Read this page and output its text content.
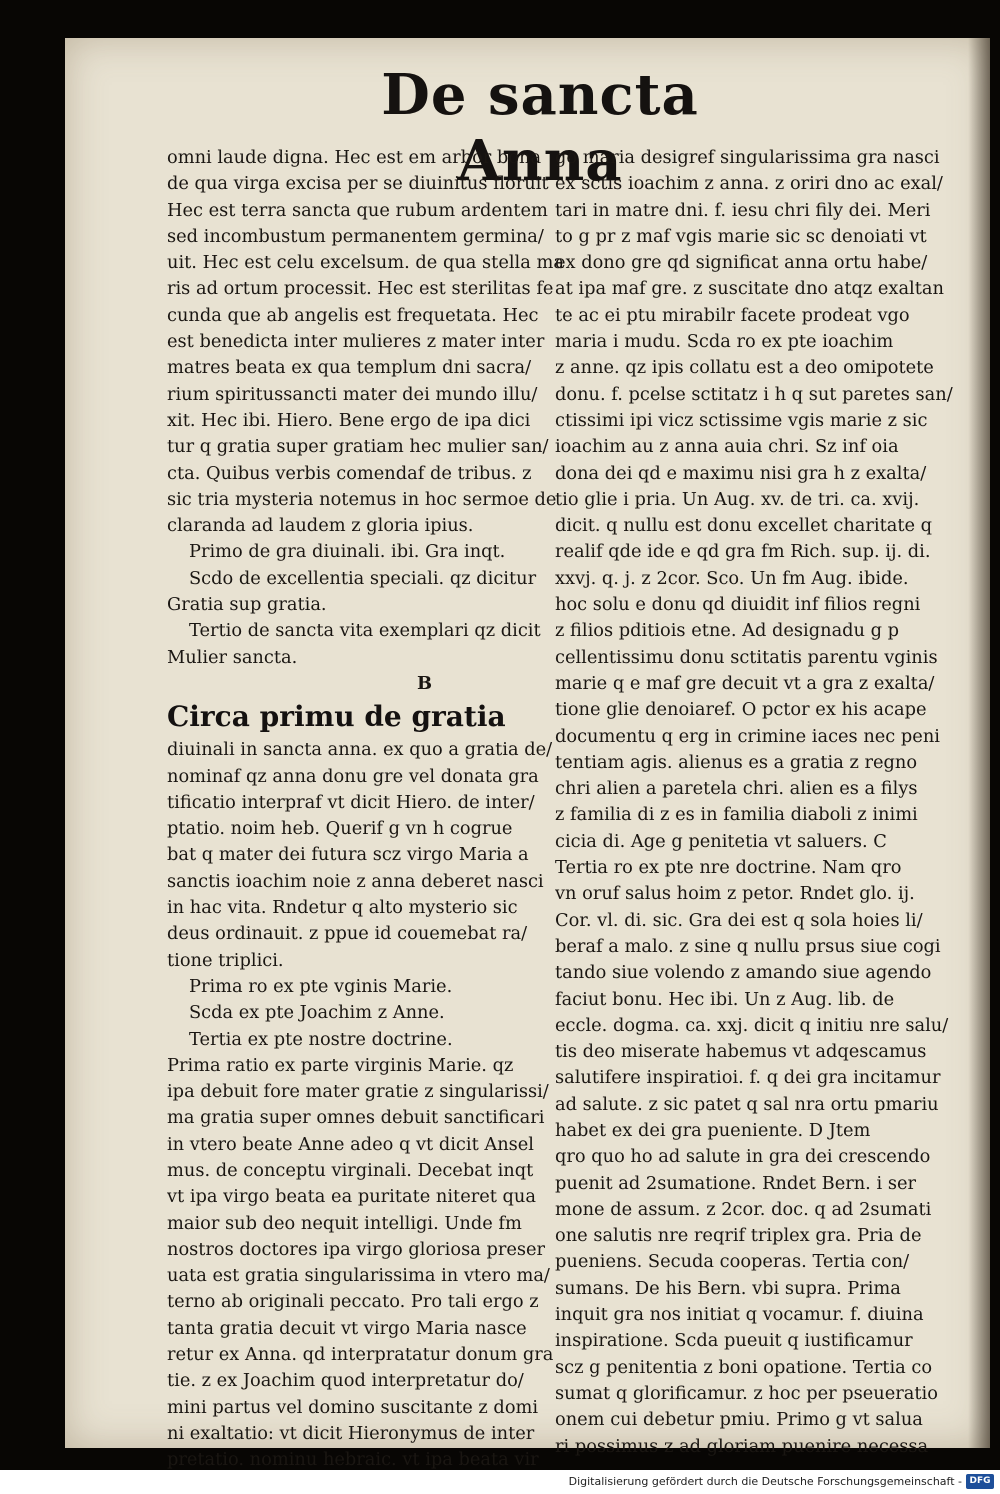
De sancta Anna
omni laude digna. Hec est em arbor bona
de qua virga excisa per se diuinitus floruit
Hec est terra sancta que rubum ardentem
sed incombustum permanentem germina/
uit. Hec est celu excelsum. de qua stella ma
ris ad ortum processit. Hec est sterilitas fe
cunda que ab angelis est frequetata. Hec
est benedicta inter mulieres z mater inter
matres beata ex qua templum dni sacra/
rium spiritussancti mater dei mundo illu/
xit. Hec ibi. Hiero. Bene ergo de ipa dici
tur q gratia super gratiam hec mulier san/
cta. Quibus verbis comendaf de tribus. z
sic tria mysteria notemus in hoc sermoe de
claranda ad laudem z gloria ipius.
Primo de gra diuinali. ibi. Gra inqt.
Scdo de excellentia speciali. qz dicitur
Gratia sup gratia.
Tertio de sancta vita exemplari qz dicit
Mulier sancta.
B
Circa primu de gratia
diuinali in sancta anna. ex quo a gratia de/
nominaf qz anna donu gre vel donata gra
tificatio interpraf vt dicit Hiero. de inter/
ptatio. noim heb. Querif g vn h cogrue
bat q mater dei futura scz virgo Maria a
sanctis ioachim noie z anna deberet nasci
in hac vita. Rndetur q alto mysterio sic
deus ordinauit. z ppue id couemebat ra/
tione triplici.
Prima ro ex pte vginis Marie.
Scda ex pte Joachim z Anne.
Tertia ex pte nostre doctrine.
Prima ratio ex parte virginis Marie. qz
ipa debuit fore mater gratie z singularissi/
ma gratia super omnes debuit sanctificari
in vtero beate Anne adeo q vt dicit Ansel
mus. de conceptu virginali. Decebat inqt
vt ipa virgo beata ea puritate niteret qua
maior sub deo nequit intelligi. Unde fm
nostros doctores ipa virgo gloriosa preser
uata est gratia singularissima in vtero ma/
terno ab originali peccato. Pro tali ergo z
tanta gratia decuit vt virgo Maria nasce
retur ex Anna. qd interpratatur donum gra
tie. z ex Joachim quod interpretatur do/
mini partus vel domino suscitante z domi
ni exaltatio: vt dicit Hieronymus de inter
pretatio. nominu hebraic. vt ipa beata vir
go maria desigref singularissima gra nasci
ex sctis ioachim z anna. z oriri dno ac exal/
tari in matre dni. f. iesu chri fily dei. Meri
to g pr z maf vgis marie sic sc denoiati vt
ex dono gre qd significat anna ortu habe/
at ipa maf gre. z suscitate dno atqz exaltan
te ac ei ptu mirabilr facete prodeat vgo
maria i mudu. Scda ro ex pte ioachim
z anne. qz ipis collatu est a deo omipotete
donu. f. pcelse sctitatz i h q sut paretes san/
ctissimi ipi vicz sctissime vgis marie z sic
ioachim au z anna auia chri. Sz inf oia
dona dei qd e maximu nisi gra h z exalta/
tio glie i pria. Un Aug. xv. de tri. ca. xvij.
dicit. q nullu est donu excellet charitate q
realif qde ide e qd gra fm Rich. sup. ij. di.
xxvj. q. j. z 2cor. Sco. Un fm Aug. ibide.
hoc solu e donu qd diuidit inf filios regni
z filios pditiois etne. Ad designadu g p
cellentissimu donu sctitatis parentu vginis
marie q e maf gre decuit vt a gra z exalta/
tione glie denoiaref. O pctor ex his acape
documentu q erg in crimine iaces nec peni
tentiam agis. alienus es a gratia z regno
chri alien a paretela chri. alien es a filys
z familia di z es in familia diaboli z inimi
cicia di. Age g penitetia vt saluers. C
Tertia ro ex pte nre doctrine. Nam qro
vn oruf salus hoim z petor. Rndet glo. ij.
Cor. vl. di. sic. Gra dei est q sola hoies li/
beraf a malo. z sine q nullu prsus siue cogi
tando siue volendo z amando siue agendo
faciut bonu. Hec ibi. Un z Aug. lib. de
eccle. dogma. ca. xxj. dicit q initiu nre salu/
tis deo miserate habemus vt adqescamus
salutifere inspiratioi. f. q dei gra incitamur
ad salute. z sic patet q sal nra ortu pmariu
habet ex dei gra pueniente. D Jtem
qro quo ho ad salute in gra dei crescendo
puenit ad 2sumatione. Rndet Bern. i ser
mone de assum. z 2cor. doc. q ad 2sumati
one salutis nre reqrif triplex gra. Pria de
pueniens. Secuda cooperas. Tertia con/
sumans. De his Bern. vbi supra. Prima
inquit gra nos initiat q vocamur. f. diuina
inspiratione. Scda pueuit q iustificamur
scz g penitentia z boni opatione. Tertia co
sumat q glorificamur. z hoc per pseueratio
onem cui debetur pmiu. Primo g vt salua
ri possimus z ad gloriam puenire necessa
Digitalisierung gefördert durch die Deutsche Forschungsgemeinschaft - DFG
